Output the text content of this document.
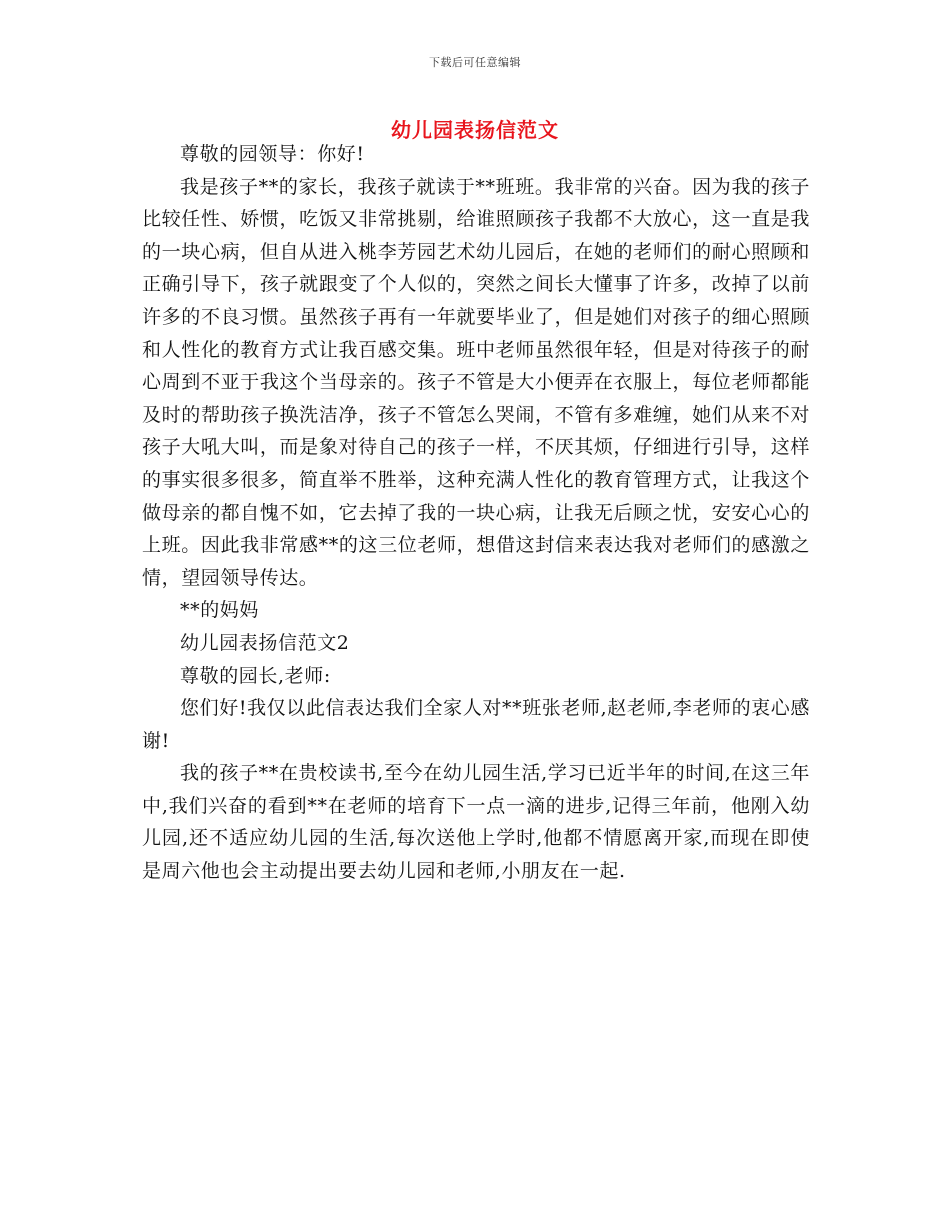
下载后可任意编辑
幼儿园表扬信范文

尊敬的园领导：你好!

我是孩子**的家长，我孩子就读于**班班。我非常的兴奋。因为我的孩子比较任性、娇惯，吃饭又非常挑剔，给谁照顾孩子我都不大放心，这一直是我的一块心病，但自从进入桃李芳园艺术幼儿园后，在她的老师们的耐心照顾和正确引导下，孩子就跟变了个人似的，突然之间长大懂事了许多，改掉了以前许多的不良习惯。虽然孩子再有一年就要毕业了，但是她们对孩子的细心照顾和人性化的教育方式让我百感交集。班中老师虽然很年轻，但是对待孩子的耐心周到不亚于我这个当母亲的。孩子不管是大小便弄在衣服上，每位老师都能及时的帮助孩子换洗洁净，孩子不管怎么哭闹，不管有多难缠，她们从来不对孩子大吼大叫，而是象对待自己的孩子一样，不厌其烦，仔细进行引导，这样的事实很多很多，简直举不胜举，这种充满人性化的教育管理方式，让我这个做母亲的都自愧不如，它去掉了我的一块心病，让我无后顾之忧，安安心心的上班。因此我非常感**的这三位老师，想借这封信来表达我对老师们的感激之情，望园领导传达。

**的妈妈

幼儿园表扬信范文2

尊敬的园长,老师:

您们好!我仅以此信表达我们全家人对**班张老师,赵老师,李老师的衷心感谢!

我的孩子**在贵校读书,至今在幼儿园生活,学习已近半年的时间,在这三年中,我们兴奋的看到**在老师的培育下一点一滴的进步,记得三年前，他刚入幼儿园,还不适应幼儿园的生活,每次送他上学时,他都不情愿离开家,而现在即使是周六他也会主动提出要去幼儿园和老师,小朋友在一起.
